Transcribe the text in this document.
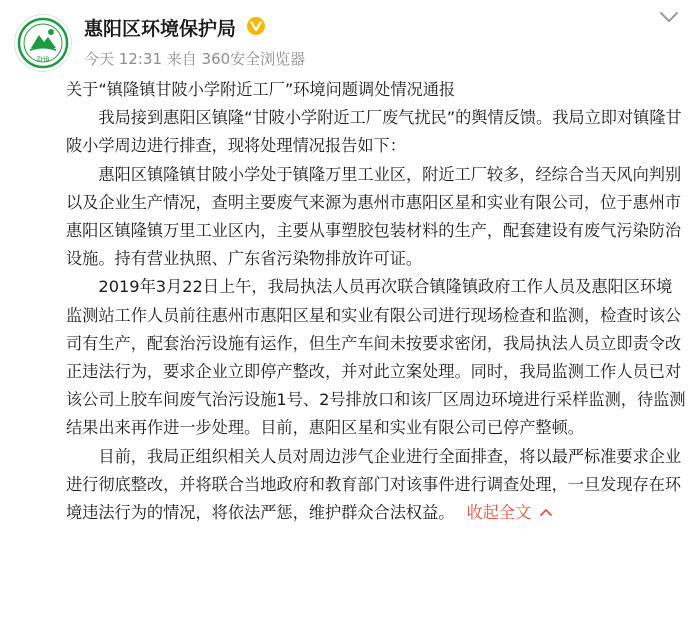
ZHB
惠阳区环境保护局
今天 12:31 来自 360安全浏览器

关于“镇隆镇甘陂小学附近工厂”环境问题调处情况通报

我局接到惠阳区镇隆“甘陂小学附近工厂废气扰民”的舆情反馈。我局立即对镇隆甘陂小学周边进行排查，现将处理情况报告如下：

惠阳区镇隆镇甘陂小学处于镇隆万里工业区，附近工厂较多，经综合当天风向判别以及企业生产情况，查明主要废气来源为惠州市惠阳区星和实业有限公司，位于惠州市惠阳区镇隆镇万里工业区内，主要从事塑胶包装材料的生产，配套建设有废气污染防治设施。持有营业执照、广东省污染物排放许可证。

2019年3月22日上午，我局执法人员再次联合镇隆镇政府工作人员及惠阳区环境监测站工作人员前往惠州市惠阳区星和实业有限公司进行现场检查和监测，检查时该公司有生产，配套治污设施有运作，但生产车间未按要求密闭，我局执法人员立即责令改正违法行为，要求企业立即停产整改，并对此立案处理。同时，我局监测工作人员已对该公司上胶车间废气治污设施1号、2号排放口和该厂区周边环境进行采样监测，待监测结果出来再作进一步处理。目前，惠阳区星和实业有限公司已停产整顿。

目前，我局正组织相关人员对周边涉气企业进行全面排查，将以最严标准要求企业进行彻底整改，并将联合当地政府和教育部门对该事件进行调查处理，一旦发现存在环境违法行为的情况，将依法严惩，维护群众合法权益。 收起全文
